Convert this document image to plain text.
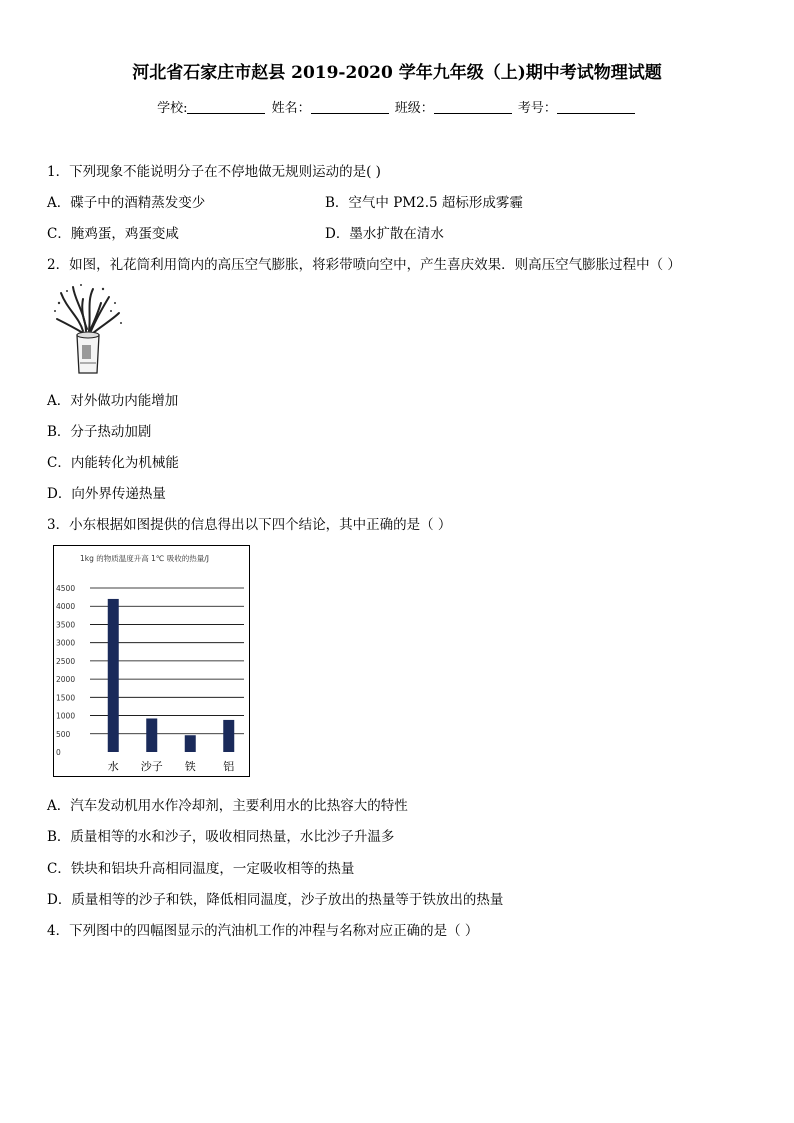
河北省石家庄市赵县 2019-2020 学年九年级（上)期中考试物理试题
学校:	姓名：	班级：	考号：
1．下列现象不能说明分子在不停地做无规则运动的是( )
A．碟子中的酒精蒸发变少	B．空气中 PM2.5 超标形成雾霾
C．腌鸡蛋，鸡蛋变咸	D．墨水扩散在清水
2．如图，礼花筒利用筒内的高压空气膨胀，将彩带喷向空中，产生喜庆效果．则高压空气膨胀过程中（ ）
A．对外做功内能增加
B．分子热动加剧
C．内能转化为机械能
D．向外界传递热量
3．小东根据如图提供的信息得出以下四个结论，其中正确的是（ ）
1kg 的物质温度升高 1℃ 吸收的热量/J
4500
4000
3500
3000
2500
2000
1500
1000
500
0
水 沙子 铁	铝
A．汽车发动机用水作冷却剂，主要利用水的比热容大的特性
B．质量相等的水和沙子，吸收相同热量，水比沙子升温多
C．铁块和铝块升高相同温度，一定吸收相等的热量
D．质量相等的沙子和铁，降低相同温度，沙子放出的热量等于铁放出的热量
4．下列图中的四幅图显示的汽油机工作的冲程与名称对应正确的是（ ）
